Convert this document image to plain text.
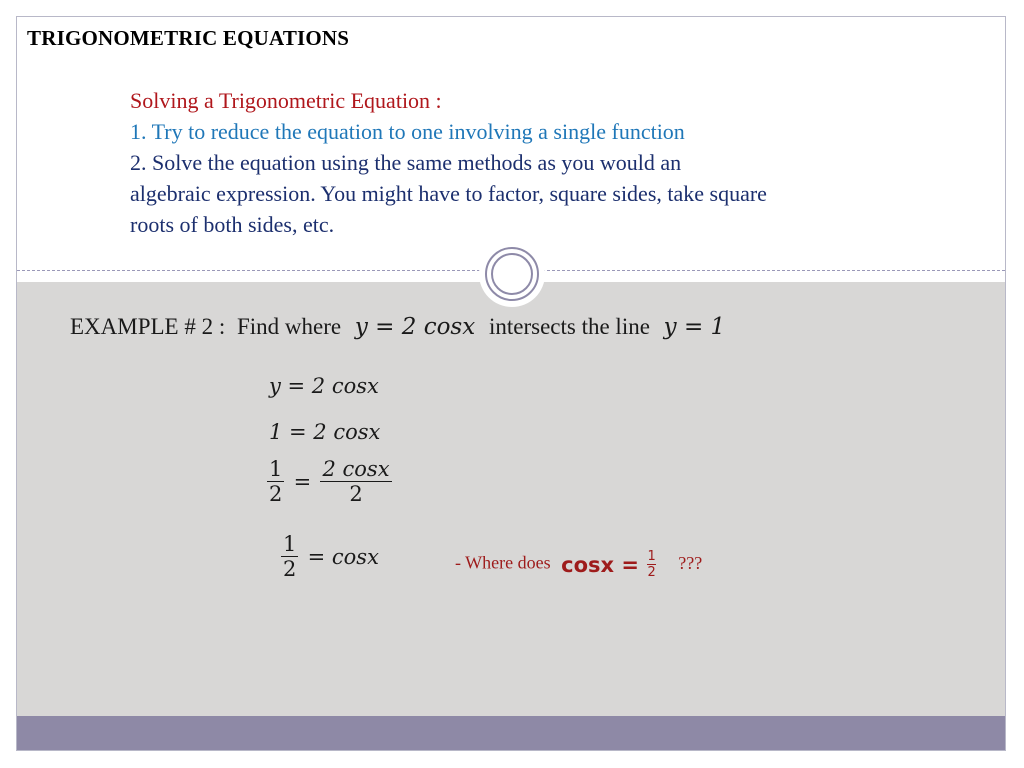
TRIGONOMETRIC EQUATIONS
Solving a Trigonometric Equation :
1. Try to reduce the equation to one involving a single function
2. Solve the equation using the same methods as you would an
algebraic expression. You might have to factor, square sides, take square
roots of both sides, etc.
EXAMPLE # 2 : Find where y = 2 cosx intersects the line y = 1
y = 2 cosx
1 = 2 cosx
$\frac{1}{2} = \frac{2 \cos x}{2}$
$\frac{1}{2} = \cos x$	- Where does $\cos x = \frac{1}{2}$ ???
